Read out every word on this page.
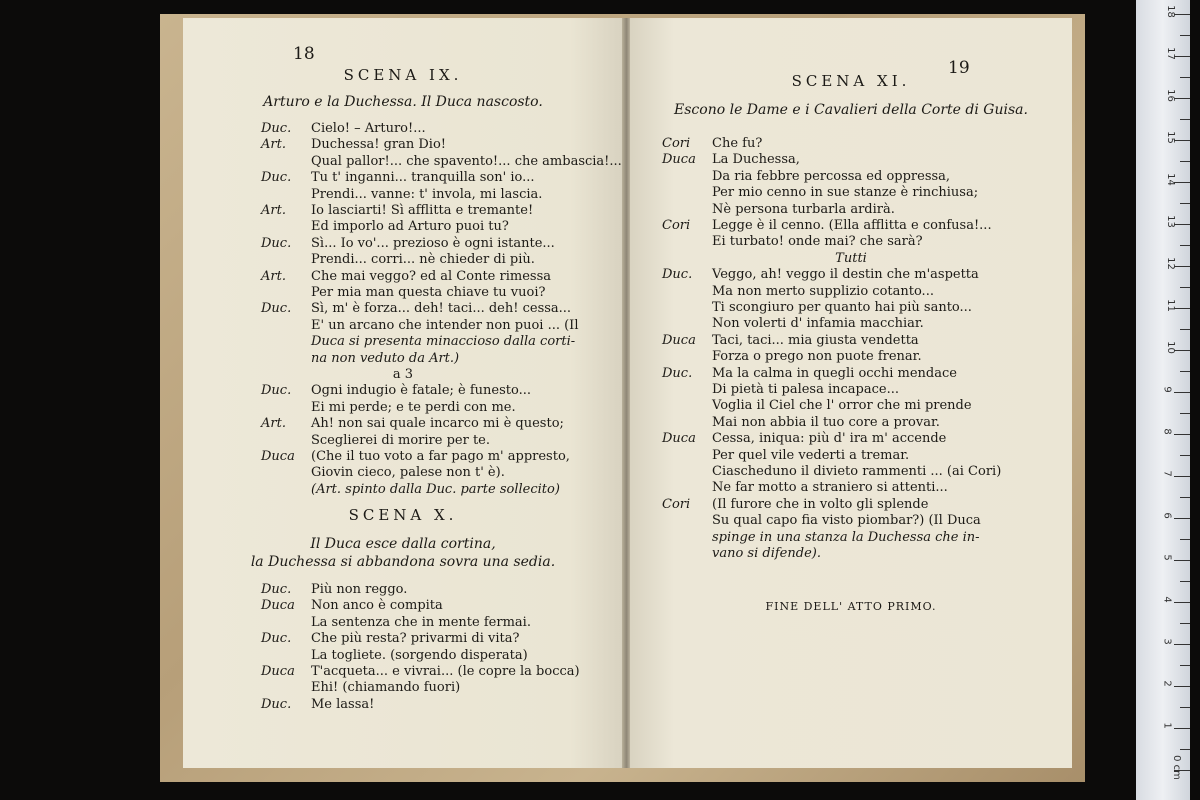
18
SCENA IX.
Arturo e la Duchessa. Il Duca nascosto.
Duc. Cielo! – Arturo!...
Art. Duchessa! gran Dio!
Qual pallor!... che spavento!... che ambascia!...
Duc. Tu t' inganni... tranquilla son' io...
Prendi... vanne: t' invola, mi lascia.
Art. Io lasciarti! Sì afflitta e tremante!
Ed imporlo ad Arturo puoi tu?
Duc. Sì... Io vo'... prezioso è ogni istante...
Prendi... corri... nè chieder di più.
Art. Che mai veggo? ed al Conte rimessa
Per mia man questa chiave tu vuoi?
Duc. Sì, m' è forza... deh! taci... deh! cessa...
E' un arcano che intender non puoi ... (Il
Duca si presenta minaccioso dalla corti-
na non veduto da Art.)
a 3
Duc. Ogni indugio è fatale; è funesto...
Ei mi perde; e te perdi con me.
Art. Ah! non sai quale incarco mi è questo;
Sceglierei di morire per te.
Duca (Che il tuo voto a far pago m' appresto,
Giovin cieco, palese non t' è).
(Art. spinto dalla Duc. parte sollecito)
SCENA X.
Il Duca esce dalla cortina,
la Duchessa si abbandona sovra una sedia.
Duc. Più non reggo.
Duca Non anco è compita
La sentenza che in mente fermai.
Duc. Che più resta? privarmi di vita?
La togliete. (sorgendo disperata)
Duca T'acqueta... e vivrai... (le copre la bocca)
Ehi! (chiamando fuori)
Duc. Me lassa!
19
SCENA XI.
Escono le Dame e i Cavalieri della Corte di Guisa.
Cori Che fu?
Duca La Duchessa,
Da ria febbre percossa ed oppressa,
Per mio cenno in sue stanze è rinchiusa;
Nè persona turbarla ardirà.
Cori Legge è il cenno. (Ella afflitta e confusa!...
Ei turbato! onde mai? che sarà?
Tutti
Duc. Veggo, ah! veggo il destin che m'aspetta
Ma non merto supplizio cotanto...
Ti scongiuro per quanto hai più santo...
Non volerti d' infamia macchiar.
Duca Taci, taci... mia giusta vendetta
Forza o prego non puote frenar.
Duc. Ma la calma in quegli occhi mendace
Di pietà ti palesa incapace...
Voglia il Ciel che l' orror che mi prende
Mai non abbia il tuo core a provar.
Duca Cessa, iniqua: più d' ira m' accende
Per quel vile vederti a tremar.
Ciascheduno il divieto rammenti ... (ai Cori)
Ne far motto a straniero si attenti...
Cori (Il furore che in volto gli splende
Su qual capo fia visto piombar?) (Il Duca
spinge in una stanza la Duchessa che in-
vano si difende).
FINE DELL' ATTO PRIMO.
0 cm
1
2
3
4
5
6
7
8
9
10
11
12
13
14
15
16
17
18
